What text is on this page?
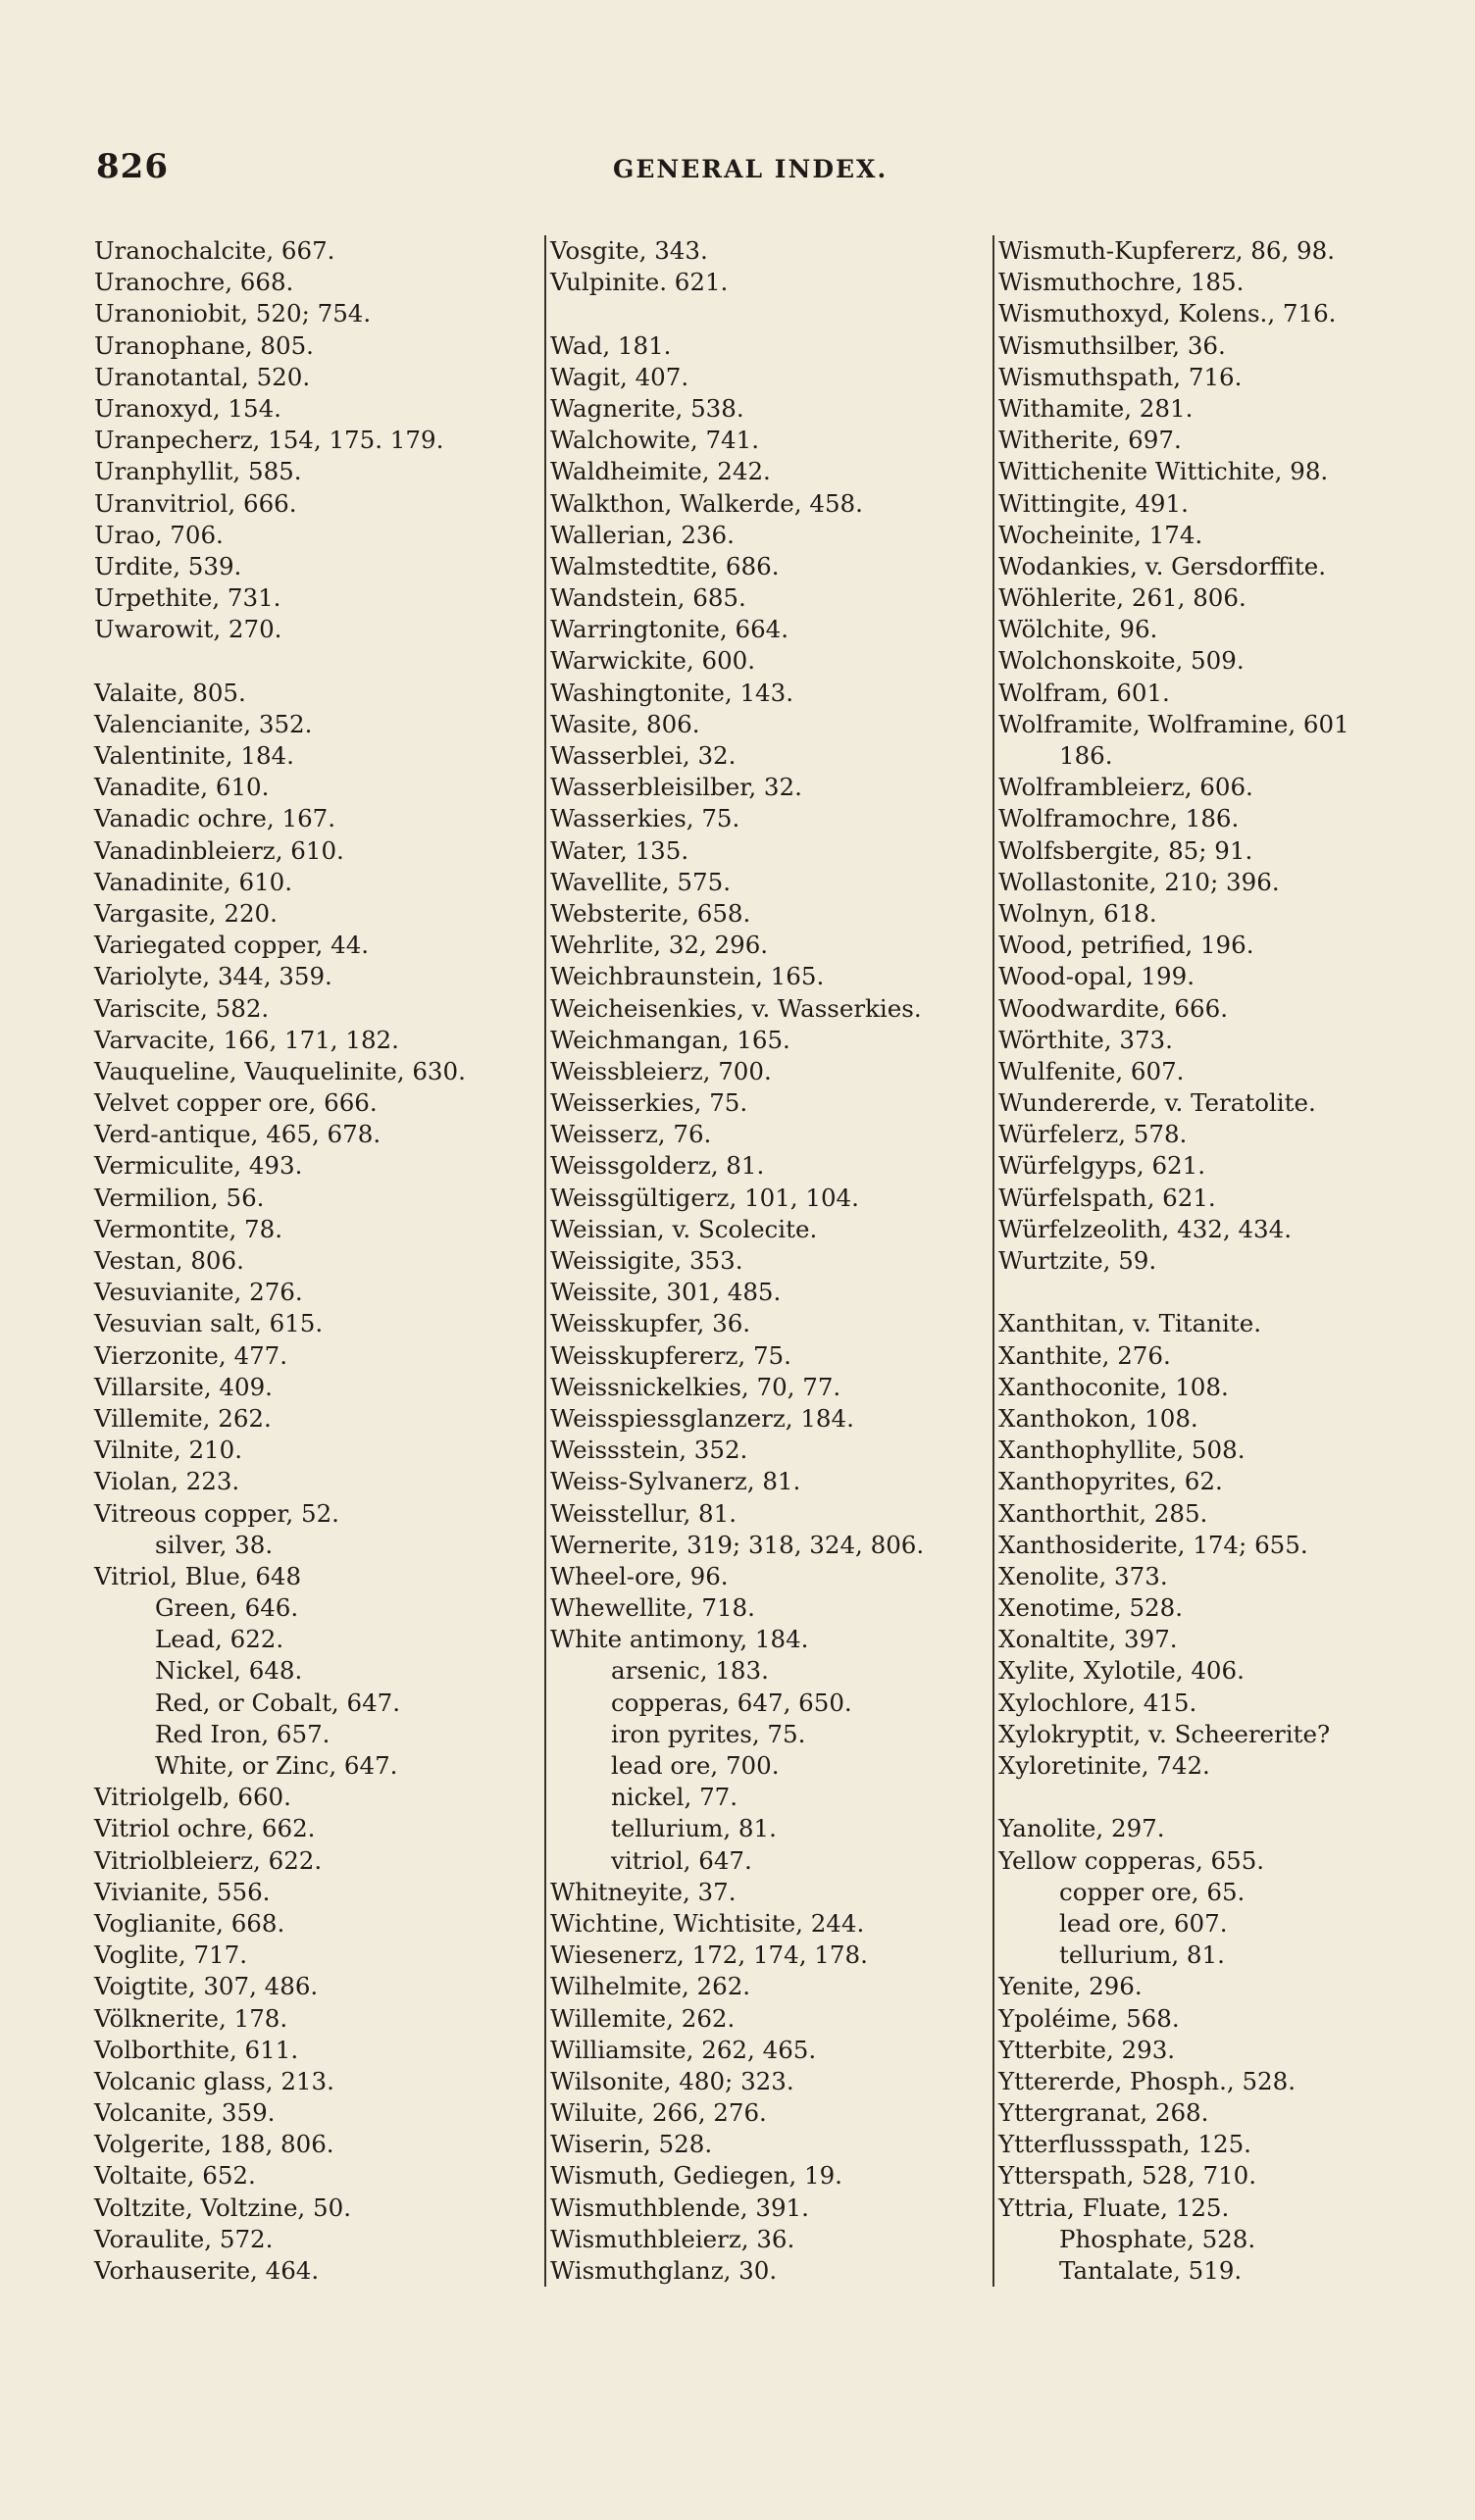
826	GENERAL INDEX.
Uranochalcite, 667.
Uranochre, 668.
Uranoniobit, 520; 754.
Uranophane, 805.
Uranotantal, 520.
Uranoxyd, 154.
Uranpecherz, 154, 175. 179.
Uranphyllit, 585.
Uranvitriol, 666.
Urao, 706.
Urdite, 539.
Urpethite, 731.
Uwarowit, 270.
Valaite, 805.
Valencianite, 352.
Valentinite, 184.
Vanadite, 610.
Vanadic ochre, 167.
Vanadinbleierz, 610.
Vanadinite, 610.
Vargasite, 220.
Variegated copper, 44.
Variolyte, 344, 359.
Variscite, 582.
Varvacite, 166, 171, 182.
Vauqueline, Vauquelinite, 630.
Velvet copper ore, 666.
Verd-antique, 465, 678.
Vermiculite, 493.
Vermilion, 56.
Vermontite, 78.
Vestan, 806.
Vesuvianite, 276.
Vesuvian salt, 615.
Vierzonite, 477.
Villarsite, 409.
Villemite, 262.
Vilnite, 210.
Violan, 223.
Vitreous copper, 52.
silver, 38.
Vitriol, Blue, 648
Green, 646.
Lead, 622.
Nickel, 648.
Red, or Cobalt, 647.
Red Iron, 657.
White, or Zinc, 647.
Vitriolgelb, 660.
Vitriol ochre, 662.
Vitriolbleierz, 622.
Vivianite, 556.
Voglianite, 668.
Voglite, 717.
Voigtite, 307, 486.
Völknerite, 178.
Volborthite, 611.
Volcanic glass, 213.
Volcanite, 359.
Volgerite, 188, 806.
Voltaite, 652.
Voltzite, Voltzine, 50.
Voraulite, 572.
Vorhauserite, 464.
Vosgite, 343.
Vulpinite. 621.
Wad, 181.
Wagit, 407.
Wagnerite, 538.
Walchowite, 741.
Waldheimite, 242.
Walkthon, Walkerde, 458.
Wallerian, 236.
Walmstedtite, 686.
Wandstein, 685.
Warringtonite, 664.
Warwickite, 600.
Washingtonite, 143.
Wasite, 806.
Wasserblei, 32.
Wasserbleisilber, 32.
Wasserkies, 75.
Water, 135.
Wavellite, 575.
Websterite, 658.
Wehrlite, 32, 296.
Weichbraunstein, 165.
Weicheisenkies, v. Wasserkies.
Weichmangan, 165.
Weissbleierz, 700.
Weisserkies, 75.
Weisserz, 76.
Weissgolderz, 81.
Weissgültigerz, 101, 104.
Weissian, v. Scolecite.
Weissigite, 353.
Weissite, 301, 485.
Weisskupfer, 36.
Weisskupfererz, 75.
Weissnickelkies, 70, 77.
Weisspiessglanzerz, 184.
Weissstein, 352.
Weiss-Sylvanerz, 81.
Weisstellur, 81.
Wernerite, 319; 318, 324, 806.
Wheel-ore, 96.
Whewellite, 718.
White antimony, 184.
arsenic, 183.
copperas, 647, 650.
iron pyrites, 75.
lead ore, 700.
nickel, 77.
tellurium, 81.
vitriol, 647.
Whitneyite, 37.
Wichtine, Wichtisite, 244.
Wiesenerz, 172, 174, 178.
Wilhelmite, 262.
Willemite, 262.
Williamsite, 262, 465.
Wilsonite, 480; 323.
Wiluite, 266, 276.
Wiserin, 528.
Wismuth, Gediegen, 19.
Wismuthblende, 391.
Wismuthbleierz, 36.
Wismuthglanz, 30.
Wismuth-Kupfererz, 86, 98.
Wismuthochre, 185.
Wismuthoxyd, Kolens., 716.
Wismuthsilber, 36.
Wismuthspath, 716.
Withamite, 281.
Witherite, 697.
Wittichenite Wittichite, 98.
Wittingite, 491.
Wocheinite, 174.
Wodankies, v. Gersdorffite.
Wöhlerite, 261, 806.
Wölchite, 96.
Wolchonskoite, 509.
Wolfram, 601.
Wolframite, Wolframine, 601
186.
Wolframbleierz, 606.
Wolframochre, 186.
Wolfsbergite, 85; 91.
Wollastonite, 210; 396.
Wolnyn, 618.
Wood, petrified, 196.
Wood-opal, 199.
Woodwardite, 666.
Wörthite, 373.
Wulfenite, 607.
Wundererde, v. Teratolite.
Würfelerz, 578.
Würfelgyps, 621.
Würfelspath, 621.
Würfelzeolith, 432, 434.
Wurtzite, 59.
Xanthitan, v. Titanite.
Xanthite, 276.
Xanthoconite, 108.
Xanthokon, 108.
Xanthophyllite, 508.
Xanthopyrites, 62.
Xanthorthit, 285.
Xanthosiderite, 174; 655.
Xenolite, 373.
Xenotime, 528.
Xonaltite, 397.
Xylite, Xylotile, 406.
Xylochlore, 415.
Xylokryptit, v. Scheererite?
Xyloretinite, 742.
Yanolite, 297.
Yellow copperas, 655.
copper ore, 65.
lead ore, 607.
tellurium, 81.
Yenite, 296.
Ypoléime, 568.
Ytterbite, 293.
Yttererde, Phosph., 528.
Yttergranat, 268.
Ytterflussspath, 125.
Ytterspath, 528, 710.
Yttria, Fluate, 125.
Phosphate, 528.
Tantalate, 519.
